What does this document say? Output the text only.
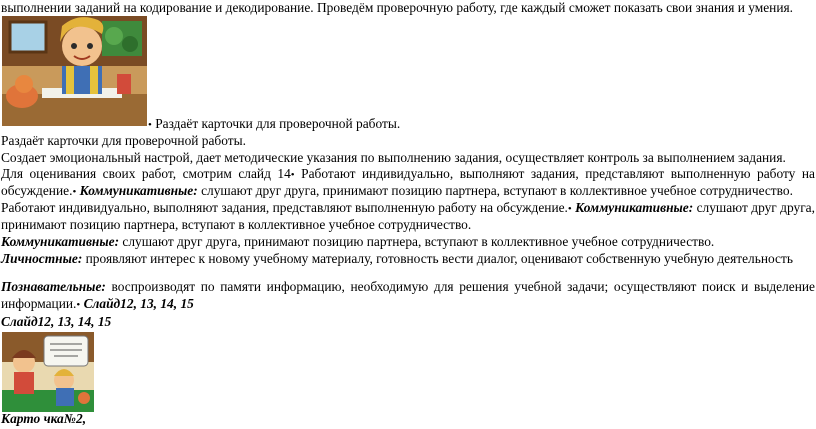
выполнении заданий на кодирование и декодирование. Проведём проверочную работу, где каждый сможет показать свои знания и умения.
• Раздаёт карточки для проверочной работы.
Раздаёт карточки для проверочной работы.
Создает эмоциональный настрой, дает методические указания по выполнению задания, осуществляет контроль за выполнением задания.
Для оценивания своих работ, смотрим слайд 14• Работают индивидуально, выполняют задания, представляют выполненную работу на
обсуждение.• Коммуникативные: слушают друг друга, принимают позицию партнера, вступают в коллективное учебное сотрудничество.
Работают индивидуально, выполняют задания, представляют выполненную работу на обсуждение.• Коммуникативные: слушают друг друга,
принимают позицию партнера, вступают в коллективное учебное сотрудничество.
Коммуникативные: слушают друг друга, принимают позицию партнера, вступают в коллективное учебное сотрудничество.
Личностные: проявляют интерес к новому учебному материалу, готовность вести диалог, оценивают собственную учебную деятельность
Познавательные: воспроизводят по памяти информацию, необходимую для решения учебной задачи; осуществляют поиск и выделение
информации.• Слайд12, 13, 14, 15
Слайд12, 13, 14, 15
Карто чка№2,
